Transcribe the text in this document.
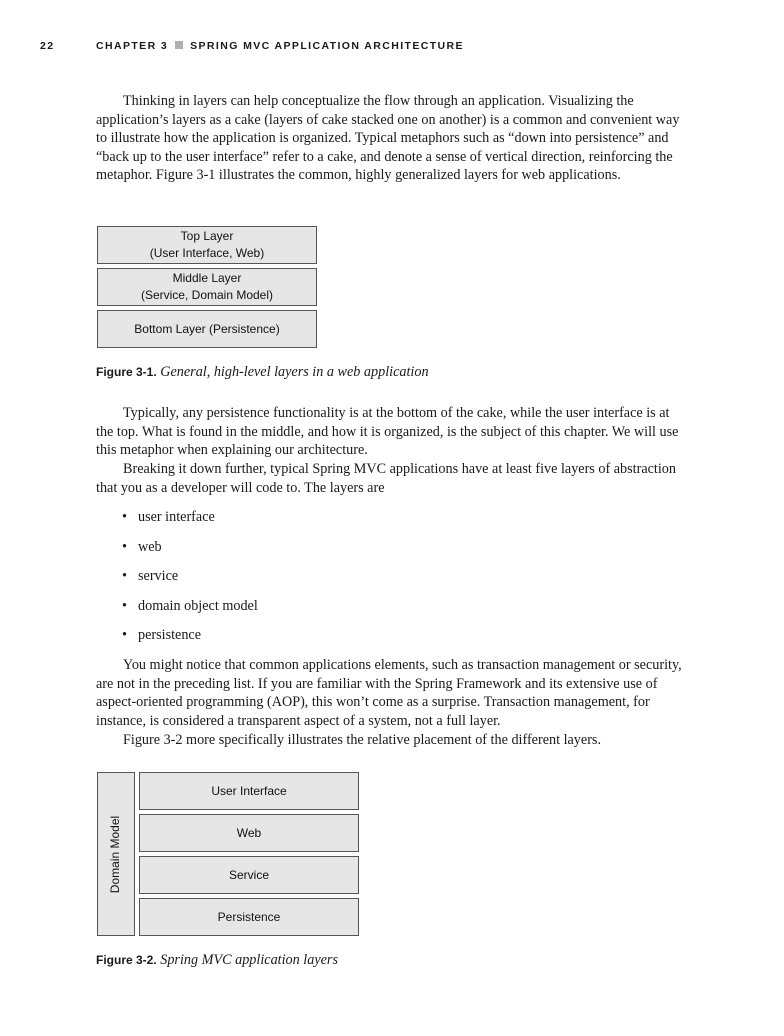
22	CHAPTER 3 SPRING MVC APPLICATION ARCHITECTURE

Thinking in layers can help conceptualize the flow through an application. Visualizing the application’s layers as a cake (layers of cake stacked one on another) is a common and convenient way to illustrate how the application is organized. Typical metaphors such as “down into persistence” and “back up to the user interface” refer to a cake, and denote a sense of vertical direction, reinforcing the metaphor. Figure 3-1 illustrates the common, highly generalized layers for web applications.

Top Layer
(User Interface, Web)
Middle Layer
(Service, Domain Model)
Bottom Layer (Persistence)
Figure 3-1. General, high-level layers in a web application

Typically, any persistence functionality is at the bottom of the cake, while the user interface is at the top. What is found in the middle, and how it is organized, is the subject of this chapter. We will use this metaphor when explaining our architecture.

Breaking it down further, typical Spring MVC applications have at least five layers of abstraction that you as a developer will code to. The layers are

• user interface
• web
• service
• domain object model
• persistence

You might notice that common applications elements, such as transaction management or security, are not in the preceding list. If you are familiar with the Spring Framework and its extensive use of aspect-oriented programming (AOP), this won’t come as a surprise. Transaction management, for instance, is considered a transparent aspect of a system, not a full layer.

Figure 3-2 more specifically illustrates the relative placement of the different layers.

Domain Model
User Interface
Web
Service
Persistence
Figure 3-2. Spring MVC application layers
